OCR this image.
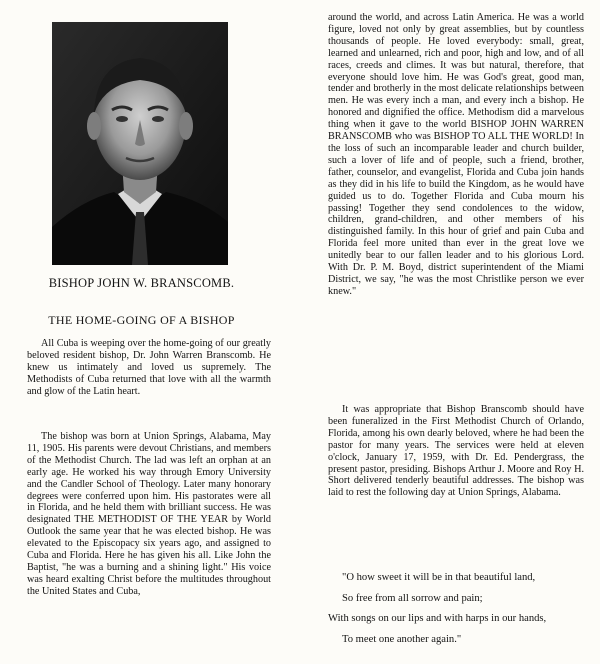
BISHOP JOHN W. BRANSCOMB.
THE HOME-GOING OF A BISHOP

All Cuba is weeping over the home-going of our greatly beloved resident bishop, Dr. John Warren Branscomb. He knew us intimately and loved us supremely. The Methodists of Cuba returned that love with all the warmth and glow of the Latin heart.

The bishop was born at Union Springs, Alabama, May 11, 1905. His parents were devout Christians, and members of the Methodist Church. The lad was left an orphan at an early age. He worked his way through Emory University and the Candler School of Theology. Later many honorary degrees were conferred upon him. His pastorates were all in Florida, and he held them with brilliant success. He was designated THE METHODIST OF THE YEAR by World Outlook the same year that he was elected bishop. He was elevated to the Episcopacy six years ago, and assigned to Cuba and Florida. Here he has given his all. Like John the Baptist, "he was a burning and a shining light." His voice was heard exalting Christ before the multitudes throughout the United States and Cuba,

around the world, and across Latin America. He was a world figure, loved not only by great assemblies, but by countless thousands of people. He loved everybody: small, great, learned and unlearned, rich and poor, high and low, and of all races, creeds and climes. It was but natural, therefore, that everyone should love him. He was God's great, good man, tender and brotherly in the most delicate relationships between men. He was every inch a man, and every inch a bishop. He honored and dignified the office. Methodism did a marvelous thing when it gave to the world BISHOP JOHN WARREN BRANSCOMB who was BISHOP TO ALL THE WORLD! In the loss of such an incomparable leader and church builder, such a lover of life and of people, such a friend, brother, father, counselor, and evangelist, Florida and Cuba join hands as they did in his life to build the Kingdom, as he would have guided us to do. Together Florida and Cuba mourn his passing! Together they send condolences to the widow, children, grand-children, and other members of his distinguished family. In this hour of grief and pain Cuba and Florida feel more united than ever in the great love we unitedly bear to our fallen leader and to his glorious Lord. With Dr. P. M. Boyd, district superintendent of the Miami District, we say, "he was the most Christlike person we ever knew."

It was appropriate that Bishop Branscomb should have been funeralized in the First Methodist Church of Orlando, Florida, among his own dearly beloved, where he had been the pastor for many years. The services were held at eleven o'clock, January 17, 1959, with Dr. Ed. Pendergrass, the present pastor, presiding. Bishops Arthur J. Moore and Roy H. Short delivered tenderly beautiful addresses. The bishop was laid to rest the following day at Union Springs, Alabama.

"O how sweet it will be in that beautiful land,
So free from all sorrow and pain;
With songs on our lips and with harps in our hands,
To meet one another again."
